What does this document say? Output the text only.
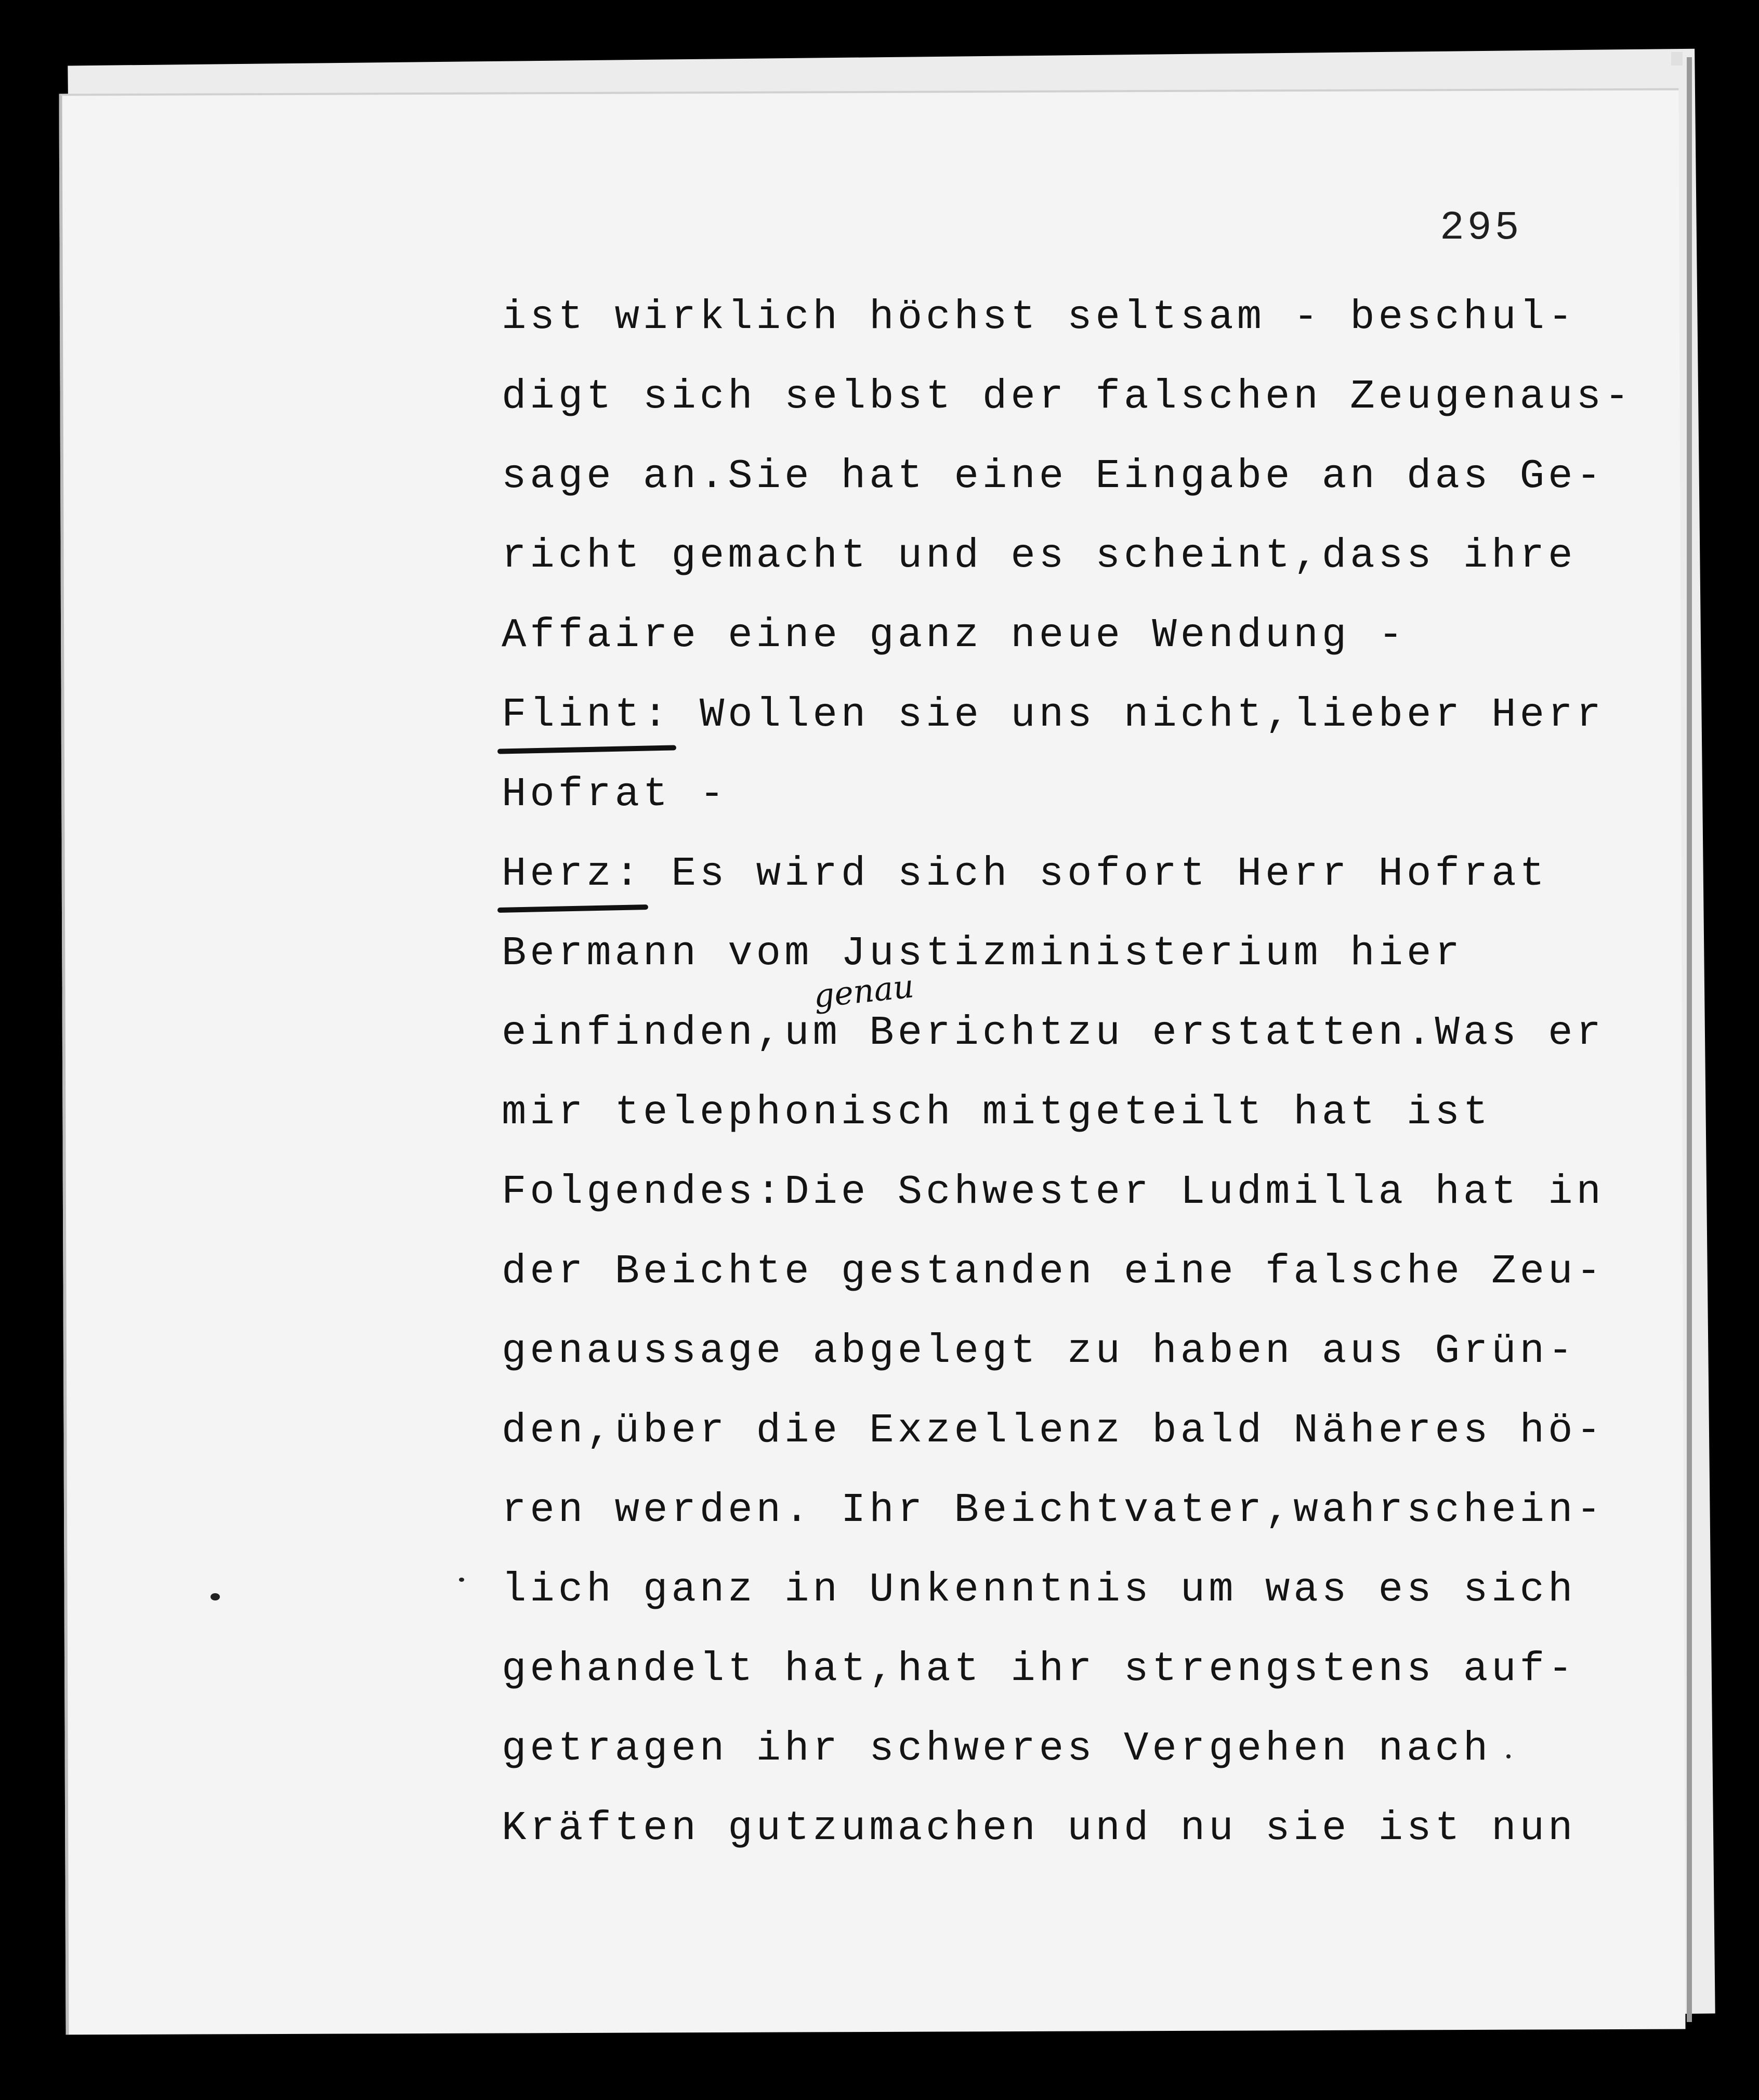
295
ist wirklich höchst seltsam - beschul-
digt sich selbst der falschen Zeugenaus-
sage an.Sie hat eine Eingabe an das Ge-
richt gemacht und es scheint,dass ihre
Affaire eine ganz neue Wendung -
Flint: Wollen sie uns nicht,lieber Herr
Hofrat -
Herz: Es wird sich sofort Herr Hofrat
Bermann vom Justizministerium hier
einfinden,um Berichtzu erstatten.Was er
mir telephonisch mitgeteilt hat ist
Folgendes:Die Schwester Ludmilla hat in
der Beichte gestanden eine falsche Zeu-
genaussage abgelegt zu haben aus Grün-
den,über die Exzellenz bald Näheres hö-
ren werden. Ihr Beichtvater,wahrschein-
lich ganz in Unkenntnis um was es sich
gehandelt hat,hat ihr strengstens auf-
getragen ihr schweres Vergehen nach
Kräften gutzumachen und nu sie ist nun
genau
